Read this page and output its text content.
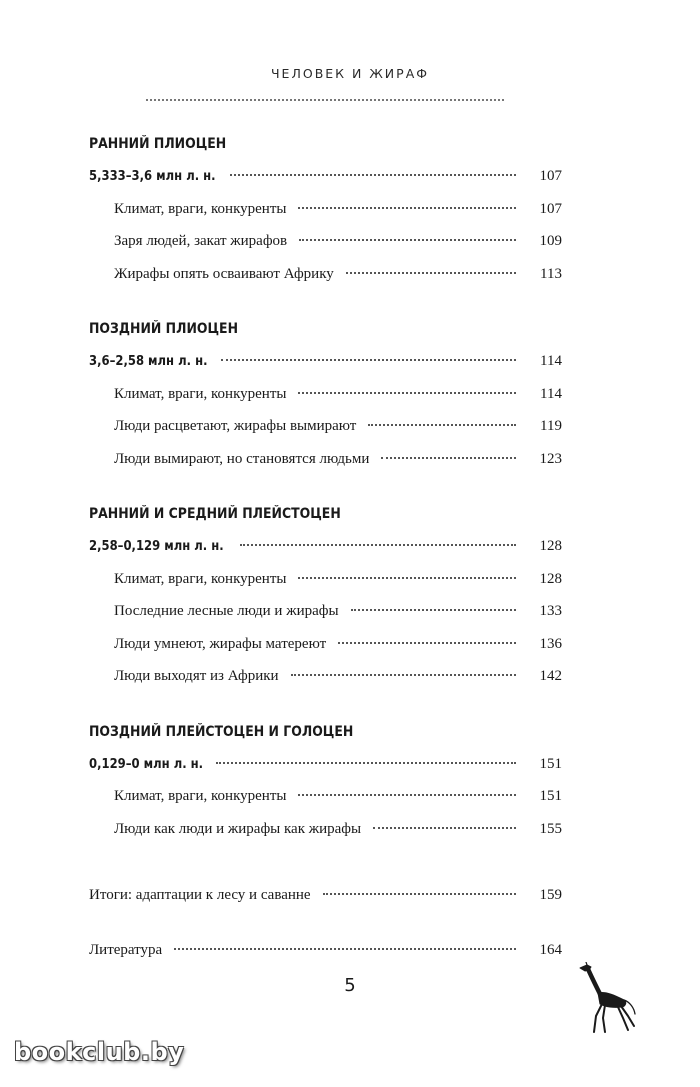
ЧЕЛОВЕК И ЖИРАФ
РАННИЙ ПЛИОЦЕН
5,333–3,6 млн л. н.	107
Климат, враги, конкуренты	107
Заря людей, закат жирафов	109
Жирафы опять осваивают Африку	113
ПОЗДНИЙ ПЛИОЦЕН
3,6–2,58 млн л. н.	114
Климат, враги, конкуренты	114
Люди расцветают, жирафы вымирают	119
Люди вымирают, но становятся людьми	123
РАННИЙ И СРЕДНИЙ ПЛЕЙСТОЦЕН
2,58–0,129 млн л. н.	128
Климат, враги, конкуренты	128
Последние лесные люди и жирафы	133
Люди умнеют, жирафы матереют	136
Люди выходят из Африки	142
ПОЗДНИЙ ПЛЕЙСТОЦЕН И ГОЛОЦЕН
0,129–0 млн л. н.	151
Климат, враги, конкуренты	151
Люди как люди и жирафы как жирафы	155
Итоги: адаптации к лесу и саванне	159
Литература	164
5
bookclub.by
